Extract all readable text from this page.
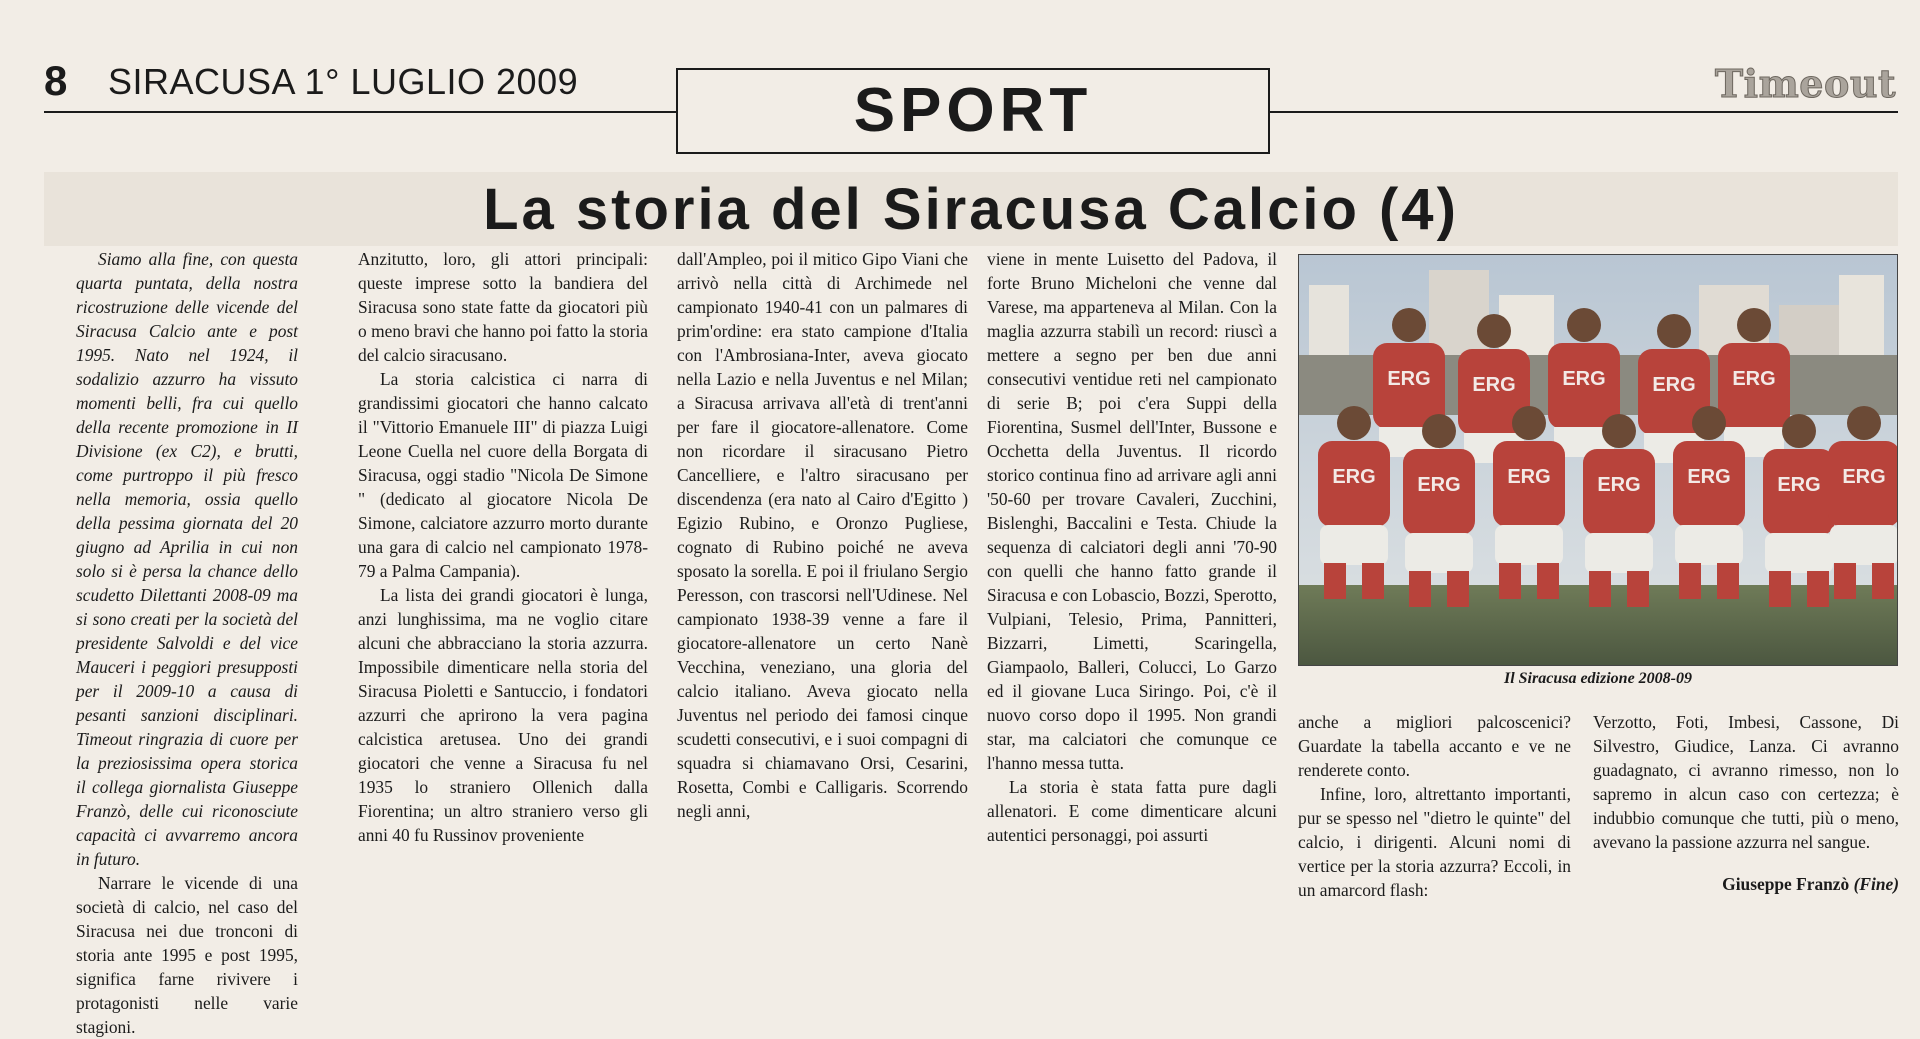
8 SIRACUSA 1° LUGLIO 2009	SPORT	Timeout
La storia del Siracusa Calcio (4)

Siamo alla fine, con questa quarta puntata, della nostra ricostruzione delle vicende del Siracusa Calcio ante e post 1995. Nato nel 1924, il sodalizio azzurro ha vissuto momenti belli, fra cui quello della recente promozione in II Divisione (ex C2), e brutti, come purtroppo il più fresco nella memoria, ossia quello della pessima giornata del 20 giugno ad Aprilia in cui non solo si è persa la chance dello scudetto Dilettanti 2008-09 ma si sono creati per la società del presidente Salvoldi e del vice Mauceri i peggiori presupposti per il 2009-10 a causa di pesanti sanzioni disciplinari. Timeout ringrazia di cuore per la preziosissima opera storica il collega giornalista Giuseppe Franzò, delle cui riconosciute capacità ci avvarremo ancora in futuro.

Narrare le vicende di una società di calcio, nel caso del Siracusa nei due tronconi di storia ante 1995 e post 1995, significa farne rivivere i protagonisti nelle varie stagioni.

Anzitutto, loro, gli attori principali: queste imprese sotto la bandiera del Siracusa sono state fatte da giocatori più o meno bravi che hanno poi fatto la storia del calcio siracusano.

La storia calcistica ci narra di grandissimi giocatori che hanno calcato il "Vittorio Emanuele III" di piazza Luigi Leone Cuella nel cuore della Borgata di Siracusa, oggi stadio "Nicola De Simone " (dedicato al giocatore Nicola De Simone, calciatore azzurro morto durante una gara di calcio nel campionato 1978-79 a Palma Campania).

La lista dei grandi giocatori è lunga, anzi lunghissima, ma ne voglio citare alcuni che abbracciano la storia azzurra. Impossibile dimenticare nella storia del Siracusa Pioletti e Santuccio, i fondatori azzurri che aprirono la vera pagina calcistica aretusea. Uno dei grandi giocatori che venne a Siracusa fu nel 1935 lo straniero Ollenich dalla Fiorentina; un altro straniero verso gli anni 40 fu Russinov proveniente

dall'Ampleo, poi il mitico Gipo Viani che arrivò nella città di Archimede nel campionato 1940-41 con un palmares di prim'ordine: era stato campione d'Italia con l'Ambrosiana-Inter, aveva giocato nella Lazio e nella Juventus e nel Milan; a Siracusa arrivava all'età di trent'anni per fare il giocatore-allenatore. Come non ricordare il siracusano Pietro Cancelliere, e l'altro siracusano per discendenza (era nato al Cairo d'Egitto ) Egizio Rubino, e Oronzo Pugliese, cognato di Rubino poiché ne aveva sposato la sorella. E poi il friulano Sergio Peresson, con trascorsi nell'Udinese. Nel campionato 1938-39 venne a fare il giocatore-allenatore un certo Nanè Vecchina, veneziano, una gloria del calcio italiano. Aveva giocato nella Juventus nel periodo dei famosi cinque scudetti consecutivi, e i suoi compagni di squadra si chiamavano Orsi, Cesarini, Rosetta, Combi e Calligaris. Scorrendo negli anni,

viene in mente Luisetto del Padova, il forte Bruno Micheloni che venne dal Varese, ma apparteneva al Milan. Con la maglia azzurra stabilì un record: riuscì a mettere a segno per ben due anni consecutivi ventidue reti nel campionato di serie B; poi c'era Suppi della Fiorentina, Susmel dell'Inter, Bussone e Occhetta della Juventus. Il ricordo storico continua fino ad arrivare agli anni '50-60 per trovare Cavaleri, Zucchini, Bislenghi, Baccalini e Testa. Chiude la sequenza di calciatori degli anni '70-90 con quelli che hanno fatto grande il Siracusa e con Lobascio, Bozzi, Sperotto, Vulpiani, Telesio, Prima, Pannitteri, Bizzarri, Limetti, Scaringella, Giampaolo, Balleri, Colucci, Lo Garzo ed il giovane Luca Siringo. Poi, c'è il nuovo corso dopo il 1995. Non grandi star, ma calciatori che comunque ce l'hanno messa tutta.

La storia è stata fatta pure dagli allenatori. E come dimenticare alcuni autentici personaggi, poi assurti

ERG ERG ERG ERG ERG
ERG ERG ERG ERG ERG ERG ERG
Il Siracusa edizione 2008-09

anche a migliori palcoscenici? Guardate la tabella accanto e ve ne renderete conto.

Infine, loro, altrettanto importanti, pur se spesso nel "dietro le quinte" del calcio, i dirigenti. Alcuni nomi di vertice per la storia azzurra? Eccoli, in un amarcord flash:

Verzotto, Foti, Imbesi, Cassone, Di Silvestro, Giudice, Lanza. Ci avranno guadagnato, ci avranno rimesso, non lo sapremo in alcun caso con certezza; è indubbio comunque che tutti, più o meno, avevano la passione azzurra nel sangue.

Giuseppe Franzò (Fine)
